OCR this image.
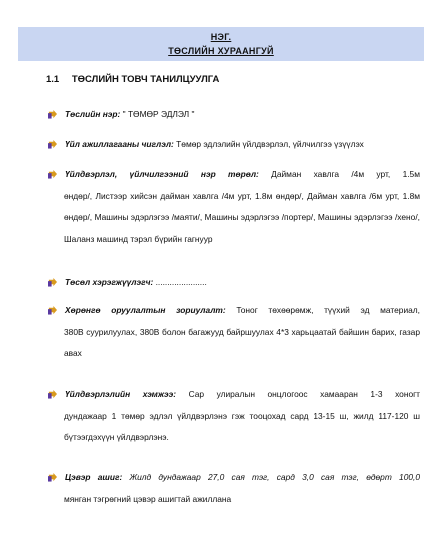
НЭГ.
ТӨСЛИЙН ХУРААНГУЙ
1.1 ТӨСЛИЙН ТОВЧ ТАНИЛЦУУЛГА
Төслийн нэр: " ТӨМӨР ЭДЛЭЛ "
Үйл ажиллагааны чиглэл: Төмөр эдлэлийн үйлдвэрлэл, үйлчилгээ үзүүлэх
Үйлдвэрлэл, үйлчилгээний нэр төрөл: Дайман хавлга /4м урт, 1.5м
өндөр/, Листээр хийсэн дайман хавлга /4м урт, 1.8м өндөр/, Дайман хавлга /6м урт, 1.8м өндөр/, Машины эдэрлэгээ /маяти/, Машины эдэрлэгээ /портер/, Машины эдэрлэгээ /хено/, Шаланз машинд тэрэл бүрийн гагнуур
Төсөл хэрэгжүүлэгч: ......................
Хөрөнгө оруулалтын зориулалт: Тоног төхөөрөмж, түүхий эд материал,
380В суурилуулах, 380В болон багажууд байршуулах 4*3 харьцаатай байшин барих, газар авах
Үйлдвэрлэлийн хэмжээ: Сар улиралын онцлогоос хамааран 1-3 хоногт
дундажаар 1 төмөр эдлэл үйлдвэрлэнэ гэж тооцохад сард 13-15 ш, жилд 117-120 ш бүтээгдэхүүн үйлдвэрлэнэ.
Цэвэр ашиг: Жилд дундажаар 27,0 сая тэг, сард 3,0 сая тэг, өдөрт 100,0
мянган тэгрөгний цэвэр ашигтай ажиллана
